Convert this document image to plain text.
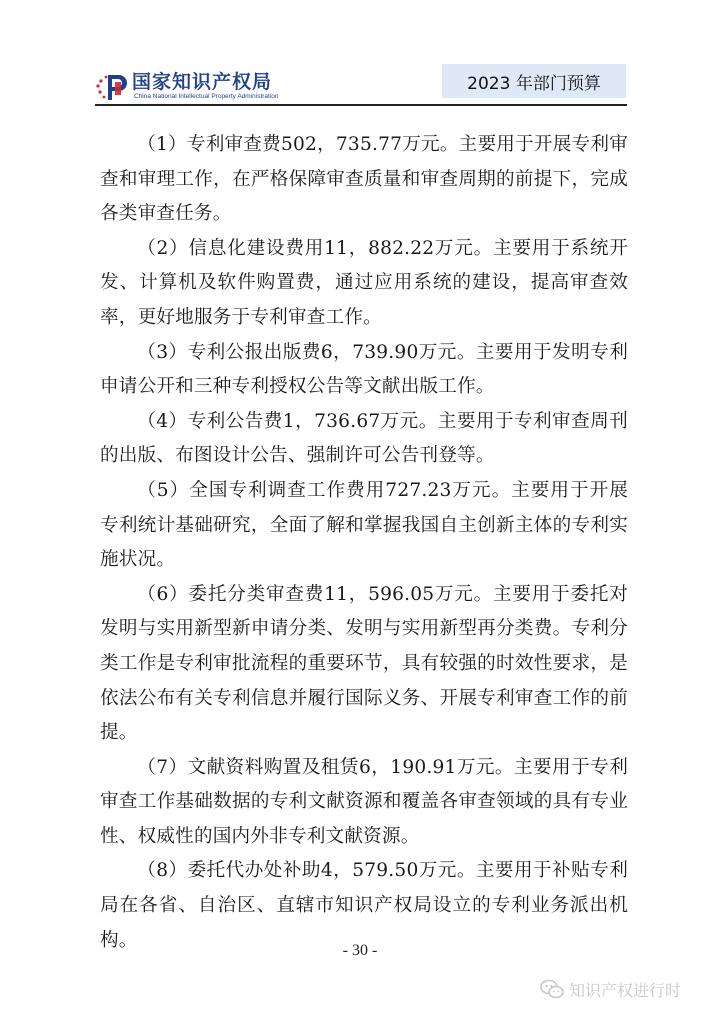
国家知识产权局
China National Intellectual Property Administration
2023 年部门预算

（1）专利审查费502，735.77万元。主要用于开展专利审查和审理工作，在严格保障审查质量和审查周期的前提下，完成各类审查任务。

（2）信息化建设费用11，882.22万元。主要用于系统开发、计算机及软件购置费，通过应用系统的建设，提高审查效率，更好地服务于专利审查工作。

（3）专利公报出版费6，739.90万元。主要用于发明专利申请公开和三种专利授权公告等文献出版工作。

（4）专利公告费1，736.67万元。主要用于专利审查周刊的出版、布图设计公告、强制许可公告刊登等。

（5）全国专利调查工作费用727.23万元。主要用于开展专利统计基础研究，全面了解和掌握我国自主创新主体的专利实施状况。

（6）委托分类审查费11，596.05万元。主要用于委托对发明与实用新型新申请分类、发明与实用新型再分类费。专利分类工作是专利审批流程的重要环节，具有较强的时效性要求，是依法公布有关专利信息并履行国际义务、开展专利审查工作的前提。

（7）文献资料购置及租赁6，190.91万元。主要用于专利审查工作基础数据的专利文献资源和覆盖各审查领域的具有专业性、权威性的国内外非专利文献资源。

（8）委托代办处补助4，579.50万元。主要用于补贴专利局在各省、自治区、直辖市知识产权局设立的专利业务派出机构。	- 30 -
知识产权进行时
